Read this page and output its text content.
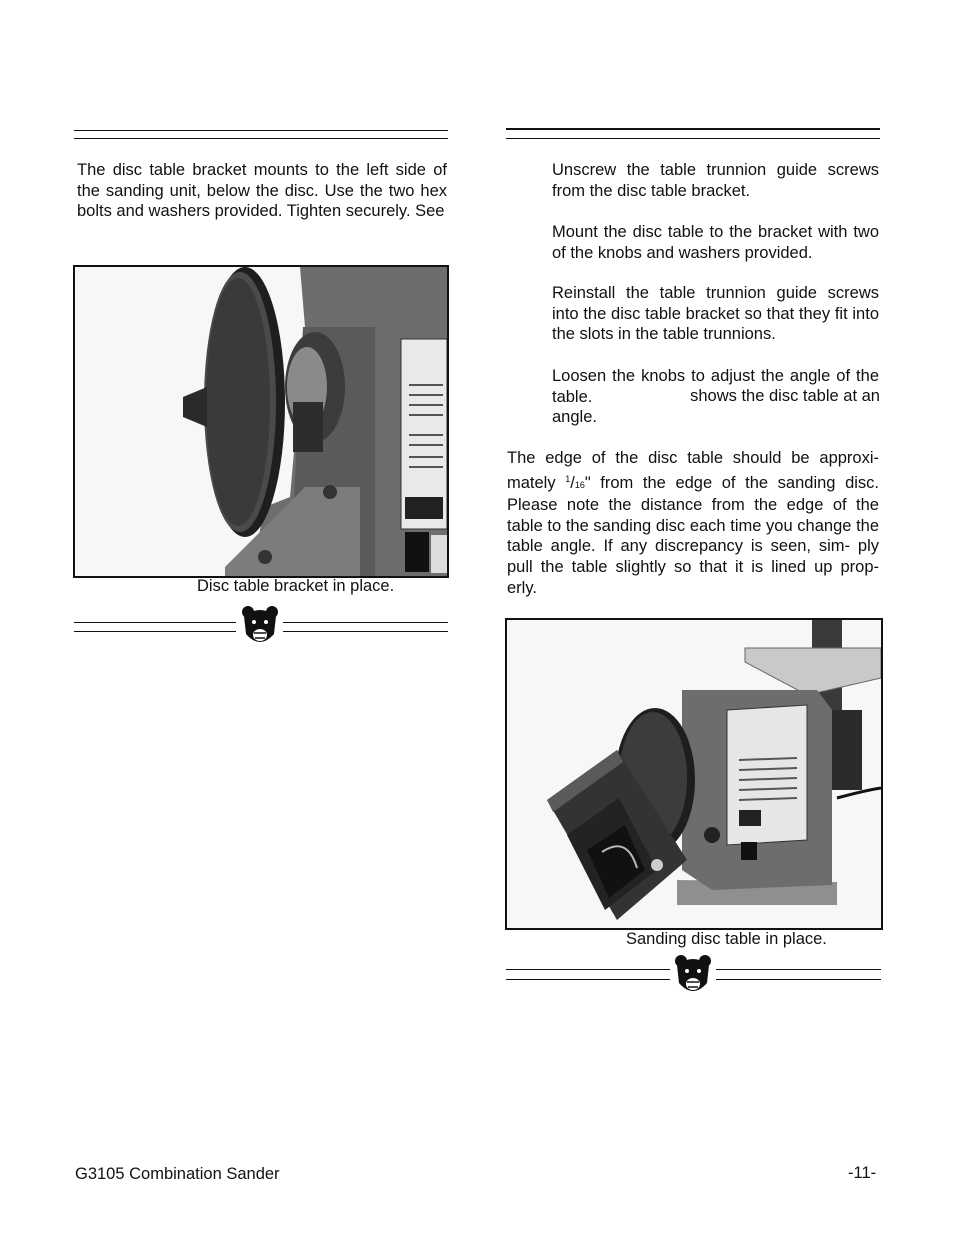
The disc table bracket mounts to the left side of the sanding unit, below the disc. Use the two hex bolts and washers provided. Tighten securely. See

Disc table bracket in place.

Unscrew the table trunnion guide screws from the disc table bracket.

Mount the disc table to the bracket with two of the knobs and washers provided.

Reinstall the table trunnion guide screws into the disc table bracket so that they fit into the slots in the table trunnions.

Loosen the knobs to adjust the angle of the table.	shows the disc table at an
angle.

The edge of the disc table should be approxi- mately $^1$/16" from the edge of the sanding disc. Please note the distance from the edge of the table to the sanding disc each time you change the table angle. If any discrepancy is seen, sim- ply pull the table slightly so that it is lined up prop- erly.

Sanding disc table in place.
G3105 Combination Sander	-11-
